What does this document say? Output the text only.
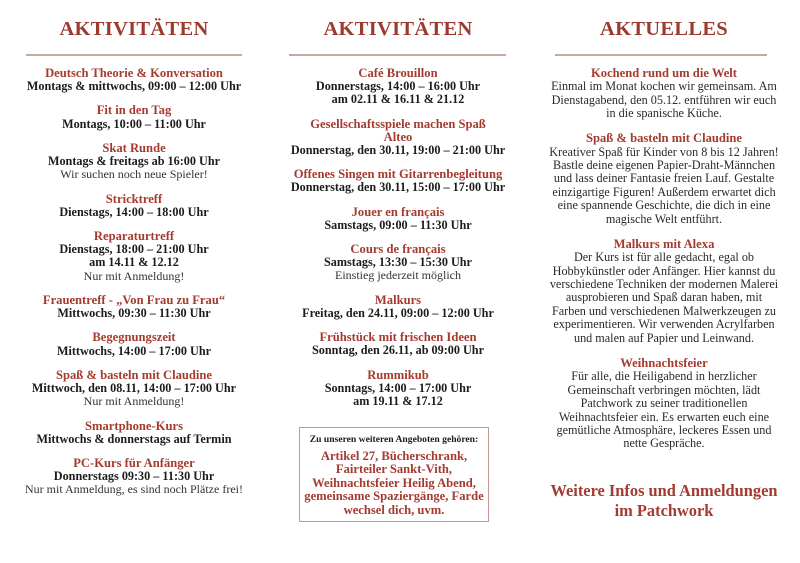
AKTIVITÄTEN
Deutsch Theorie & Konversation
Montags & mittwochs, 09:00 – 12:00 Uhr
Fit in den Tag
Montags, 10:00 – 11:00 Uhr
Skat Runde
Montags & freitags ab 16:00 Uhr
Wir suchen noch neue Spieler!
Stricktreff
Dienstags, 14:00 – 18:00 Uhr
Reparaturtreff
Dienstags, 18:00 – 21:00 Uhr
am 14.11 & 12.12
Nur mit Anmeldung!
Frauentreff - „Von Frau zu Frau“
Mittwochs, 09:30 – 11:30 Uhr
Begegnungszeit
Mittwochs, 14:00 – 17:00 Uhr
Spaß & basteln mit Claudine
Mittwoch, den 08.11, 14:00 – 17:00 Uhr
Nur mit Anmeldung!
Smartphone-Kurs
Mittwochs & donnerstags auf Termin
PC-Kurs für Anfänger
Donnerstags 09:30 – 11:30 Uhr
Nur mit Anmeldung, es sind noch Plätze frei!
AKTIVITÄTEN
Café Brouillon
Donnerstags, 14:00 – 16:00 Uhr
am 02.11 & 16.11 & 21.12
Gesellschaftsspiele machen Spaß
Alteo
Donnerstag, den 30.11, 19:00 – 21:00 Uhr
Offenes Singen mit Gitarrenbegleitung
Donnerstag, den 30.11, 15:00 – 17:00 Uhr
Jouer en français
Samstags, 09:00 – 11:30 Uhr
Cours de français
Samstags, 13:30 – 15:30 Uhr
Einstieg jederzeit möglich
Malkurs
Freitag, den 24.11, 09:00 – 12:00 Uhr
Frühstück mit frischen Ideen
Sonntag, den 26.11, ab 09:00 Uhr
Rummikub
Sonntags, 14:00 – 17:00 Uhr
am 19.11 & 17.12
Zu unseren weiteren Angeboten gehören:
Artikel 27, Bücherschrank, Fairteiler Sankt-Vith, Weihnachtsfeier Heilig Abend, gemeinsame Spaziergänge, Farde wechsel dich, uvm.
AKTUELLES
Kochend rund um die Welt
Einmal im Monat kochen wir gemeinsam. Am Dienstagabend, den 05.12. entführen wir euch in die spanische Küche.
Spaß & basteln mit Claudine
Kreativer Spaß für Kinder von 8 bis 12 Jahren! Bastle deine eigenen Papier-Draht-Männchen und lass deiner Fantasie freien Lauf. Gestalte einzigartige Figuren! Außerdem erwartet dich eine spannende Geschichte, die dich in eine magische Welt entführt.
Malkurs mit Alexa
Der Kurs ist für alle gedacht, egal ob Hobbykünstler oder Anfänger. Hier kannst du verschiedene Techniken der modernen Malerei ausprobieren und Spaß daran haben, mit Farben und verschiedenen Malwerkzeugen zu experimentieren. Wir verwenden Acrylfarben und malen auf Papier und Leinwand.
Weihnachtsfeier
Für alle, die Heiligabend in herzlicher Gemeinschaft verbringen möchten, lädt Patchwork zu seiner traditionellen Weihnachtsfeier ein. Es erwarten euch eine gemütliche Atmosphäre, leckeres Essen und nette Gespräche.
Weitere Infos und Anmeldungen im Patchwork
